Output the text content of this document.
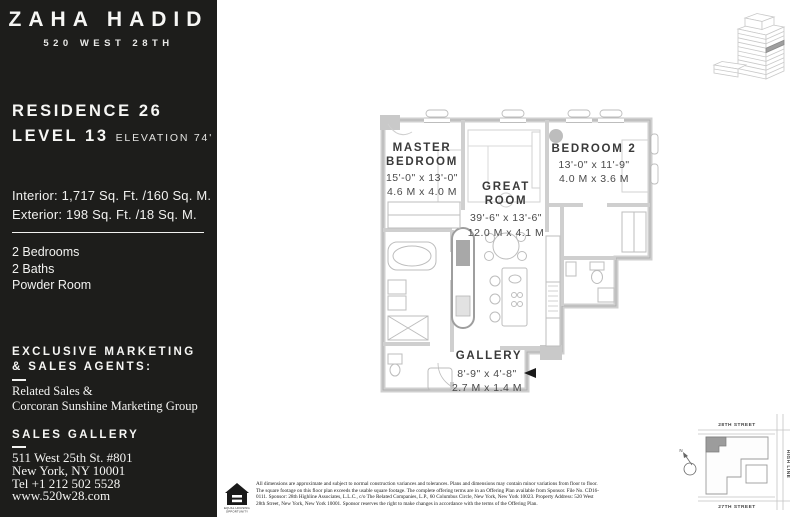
ZAHA HADID
520 WEST 28TH
RESIDENCE 26
LEVEL 13 ELEVATION 74'
Interior: 1,717 Sq. Ft. /160 Sq. M.
Exterior: 198 Sq. Ft. /18 Sq. M.
2 Bedrooms
2 Baths
Powder Room
EXCLUSIVE MARKETING
& SALES AGENTS:
Related Sales &
Corcoran Sunshine Marketing Group
SALES GALLERY
511 West 25th St. #801
New York, NY 10001
Tel +1 212 502 5528
www.520w28.com
MASTER
BEDROOM
15'-0" x 13'-0"
4.6 M x 4.0 M GREAT
ROOM
39'-6" x 13'-6"
12.0 M x 4.1 M
BEDROOM 2
13'-0" x 11'-9"
4.0 M x 3.6 M
GALLERY
8'-9" x 4'-8"
2.7 M x 1.4 M
N
28TH STREET
27TH STREET
HIGH LINE
EQUAL HOUSING
OPPORTUNITY
All dimensions are approximate and subject to normal construction variances and tolerances. Plans and dimensions may contain minor variations from floor to floor. The square footage on this floor plan exceeds the usable square footage. The complete offering terms are in an Offering Plan available from Sponsor. File No. CD16-0111. Sponsor: 28th Highline Associates, L.L.C., c/o The Related Companies, L.P., 60 Columbus Circle, New York, New York 10023. Property Address: 520 West 28th Street, New York, New York 10001. Sponsor reserves the right to make changes in accordance with the terms of the Offering Plan.
